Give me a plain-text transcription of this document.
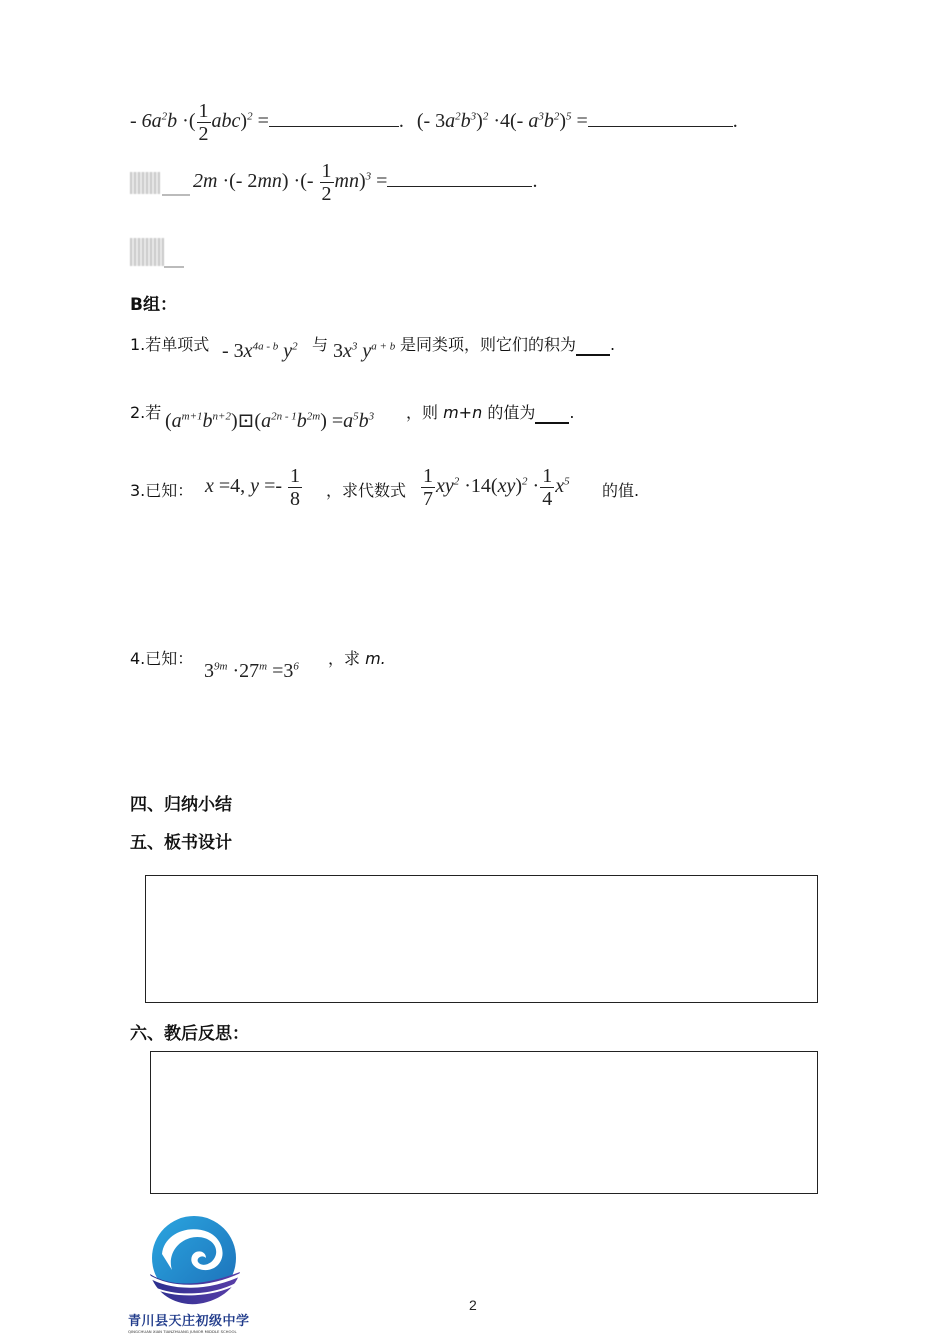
- $6a^2b$ ·( $\frac{1}{2} abc)^2$ =	. (- $3a^2b^3)^2 \cdot 4(-$ $a^3b^2)^5$ =	.
2m ·(- 2mn) ·(- $\frac{1}{2} mn)^3$ =	.
B组：
1.若单项式 - $3x^{4a - b}$ $y^2$ 与 $3x^3$ $y^{a + b}$ 是同类项，则它们的积为 .
2.若 $(a^{m+1}b^{n+2})⊡(a^{2n - 1}b^{2m}) =a^5b^3$ ，则 m+n 的值为 .
3.已知： x =4, $y =- \frac{1}{8}$ ，求代数式 $\frac{1}{7} xy^2 \cdot 14(xy)^2 \cdot \frac{1}{4} x^5$ 的值.
4.已知：
$3^{9m} \cdot 27^m =3^6$ ，求 m.
四、归纳小结
五、板书设计
六、教后反思：
青川县天庄初级中学
QINGCHUAN XIAN TIANZHUANG JUNIOR MIDDLE SCHOOL
2
